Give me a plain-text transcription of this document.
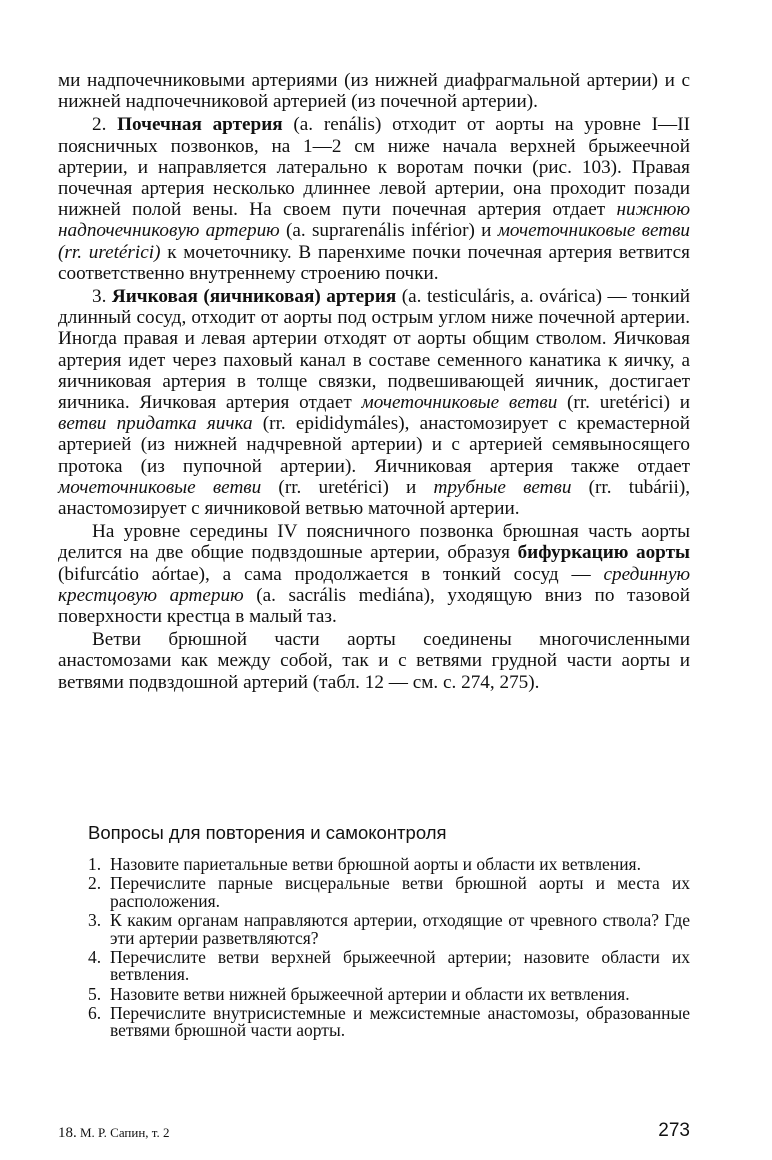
ми надпочечниковыми артериями (из нижней диафрагмальной артерии) и с нижней надпочечниковой артерией (из почечной артерии).

2. Почечная артерия (a. renális) отходит от аорты на уровне I—II поясничных позвонков, на 1—2 см ниже начала верхней брыжеечной артерии, и направляется латерально к воротам почки (рис. 103). Правая почечная артерия несколько длиннее левой артерии, она проходит позади нижней полой вены. На своем пути почечная артерия отдает нижнюю надпочечниковую артерию (a. suprarenális inférior) и мочеточниковые ветви (rr. uretérici) к мочеточнику. В паренхиме почки почечная артерия ветвится соответственно внутреннему строению почки.

3. Яичковая (яичниковая) артерия (a. testiculáris, a. ovárica) — тонкий длинный сосуд, отходит от аорты под острым углом ниже почечной артерии. Иногда правая и левая артерии отходят от аорты общим стволом. Яичковая артерия идет через паховый канал в составе семенного канатика к яичку, а яичниковая артерия в толще связки, подвешивающей яичник, достигает яичника. Яичковая артерия отдает мочеточниковые ветви (rr. uretérici) и ветви придатка яичка (rr. epididymáles), анастомозирует с кремастерной артерией (из нижней надчревной артерии) и с артерией семявыносящего протока (из пупочной артерии). Яичниковая артерия также отдает мочеточниковые ветви (rr. uretérici) и трубные ветви (rr. tubárii), анастомозирует с яичниковой ветвью маточной артерии.

На уровне середины IV поясничного позвонка брюшная часть аорты делится на две общие подвздошные артерии, образуя бифуркацию аорты (bifurcátio aórtae), а сама продолжается в тонкий сосуд — срединную крестцовую артерию (a. sacrális mediána), уходящую вниз по тазовой поверхности крестца в малый таз.

Ветви брюшной части аорты соединены многочисленными анастомозами как между собой, так и с ветвями грудной части аорты и ветвями подвздошной артерий (табл. 12 — см. с. 274, 275).

Вопросы для повторения и самоконтроля
1. Назовите париетальные ветви брюшной аорты и области их ветвления.
2. Перечислите парные висцеральные ветви брюшной аорты и места их расположения.
3. К каким органам направляются артерии, отходящие от чревного ствола? Где эти артерии разветвляются?
4. Перечислите ветви верхней брыжеечной артерии; назовите области их ветвления.
5. Назовите ветви нижней брыжеечной артерии и области их ветвления.
6. Перечислите внутрисистемные и межсистемные анастомозы, образованные ветвями брюшной части аорты.
18. М. Р. Сапин, т. 2	273
